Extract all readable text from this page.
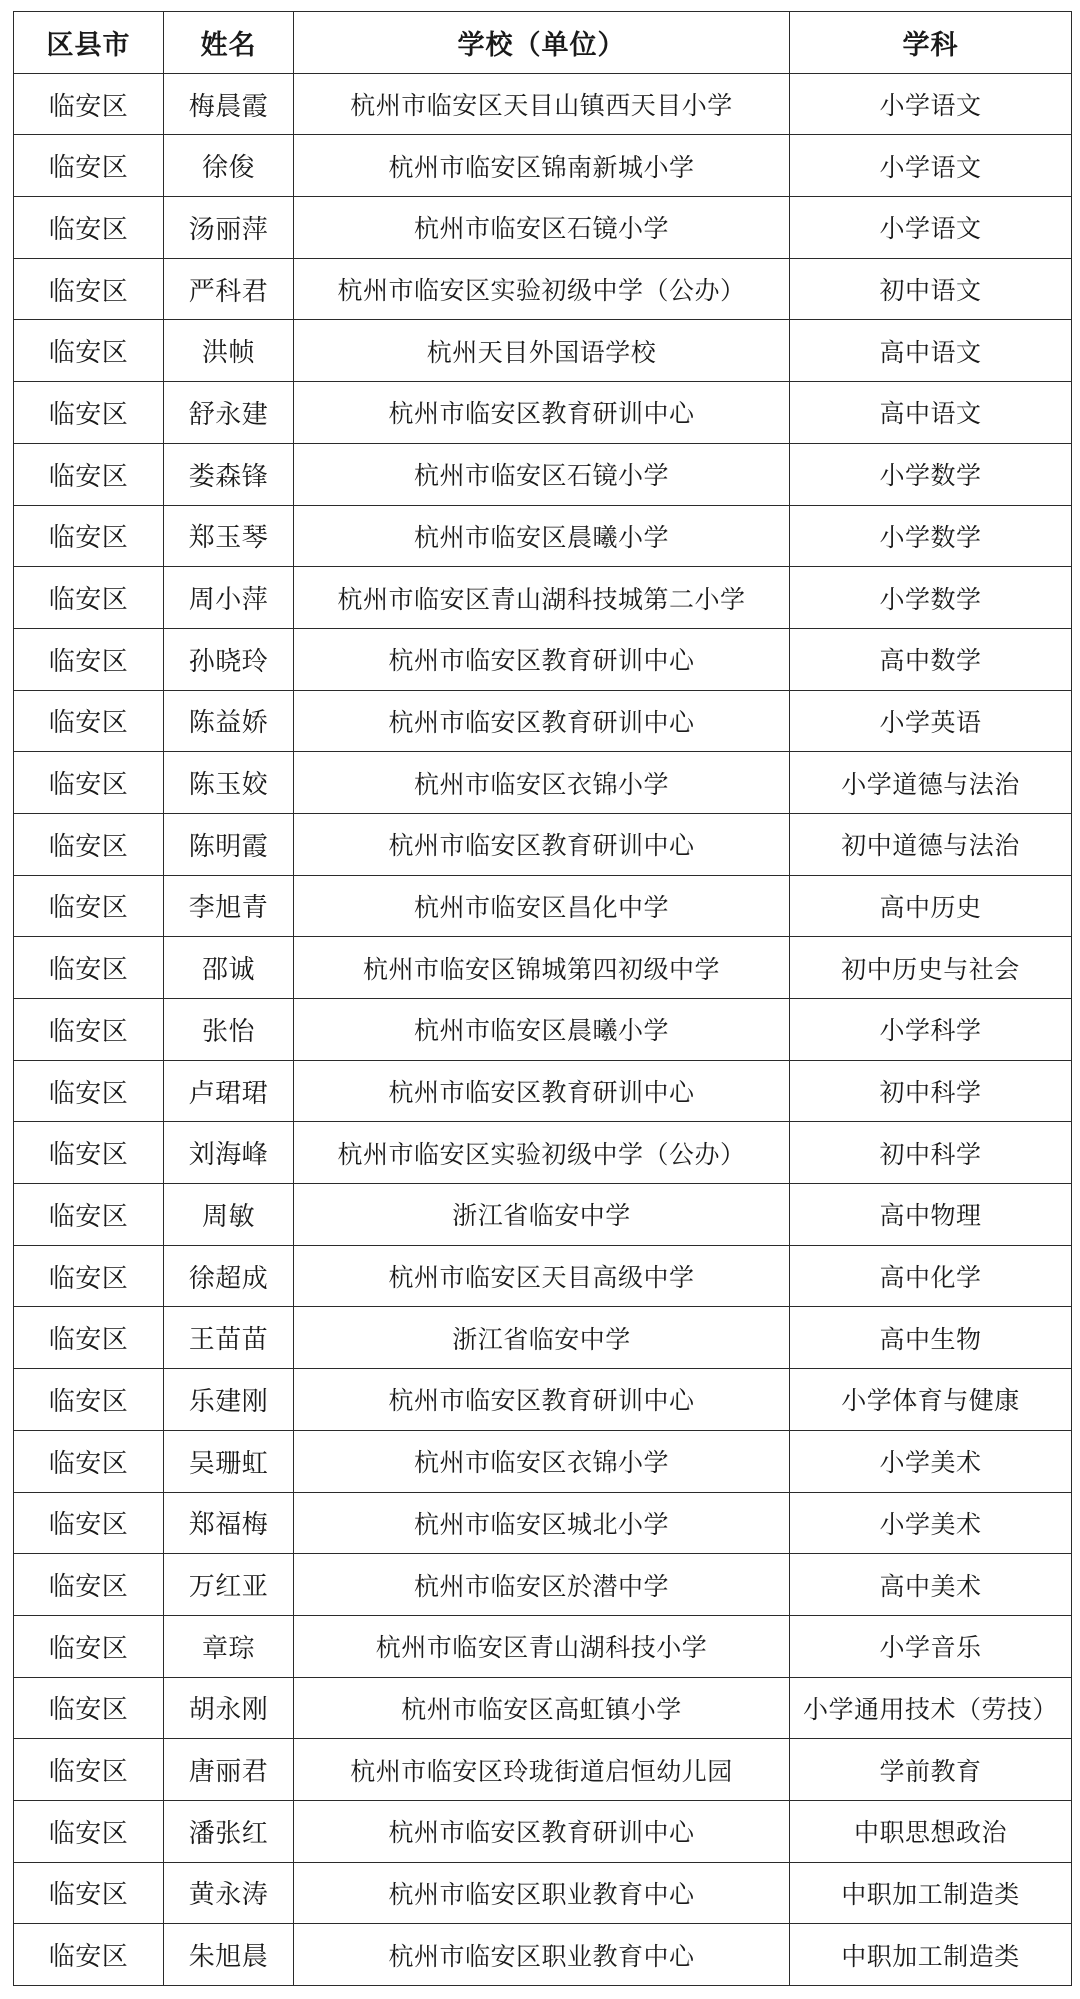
区县市	姓名	学校（单位）	学科
临安区	梅晨霞	杭州市临安区天目山镇西天目小学	小学语文
临安区	徐俊	杭州市临安区锦南新城小学	小学语文
临安区	汤丽萍	杭州市临安区石镜小学	小学语文
临安区	严科君	杭州市临安区实验初级中学（公办）	初中语文
临安区	洪帧	杭州天目外国语学校	高中语文
临安区	舒永建	杭州市临安区教育研训中心	高中语文
临安区	娄森锋	杭州市临安区石镜小学	小学数学
临安区	郑玉琴	杭州市临安区晨曦小学	小学数学
临安区	周小萍	杭州市临安区青山湖科技城第二小学	小学数学
临安区	孙晓玲	杭州市临安区教育研训中心	高中数学
临安区	陈益娇	杭州市临安区教育研训中心	小学英语
临安区	陈玉姣	杭州市临安区衣锦小学	小学道德与法治
临安区	陈明霞	杭州市临安区教育研训中心	初中道德与法治
临安区	李旭青	杭州市临安区昌化中学	高中历史
临安区	邵诚	杭州市临安区锦城第四初级中学	初中历史与社会
临安区	张怡	杭州市临安区晨曦小学	小学科学
临安区	卢珺珺	杭州市临安区教育研训中心	初中科学
临安区	刘海峰	杭州市临安区实验初级中学（公办）	初中科学
临安区	周敏	浙江省临安中学	高中物理
临安区	徐超成	杭州市临安区天目高级中学	高中化学
临安区	王苗苗	浙江省临安中学	高中生物
临安区	乐建刚	杭州市临安区教育研训中心	小学体育与健康
临安区	吴珊虹	杭州市临安区衣锦小学	小学美术
临安区	郑福梅	杭州市临安区城北小学	小学美术
临安区	万红亚	杭州市临安区於潜中学	高中美术
临安区	章琮	杭州市临安区青山湖科技小学	小学音乐
临安区	胡永刚	杭州市临安区高虹镇小学	小学通用技术（劳技）
临安区	唐丽君	杭州市临安区玲珑街道启恒幼儿园	学前教育
临安区	潘张红	杭州市临安区教育研训中心	中职思想政治
临安区	黄永涛	杭州市临安区职业教育中心	中职加工制造类
临安区	朱旭晨	杭州市临安区职业教育中心	中职加工制造类
